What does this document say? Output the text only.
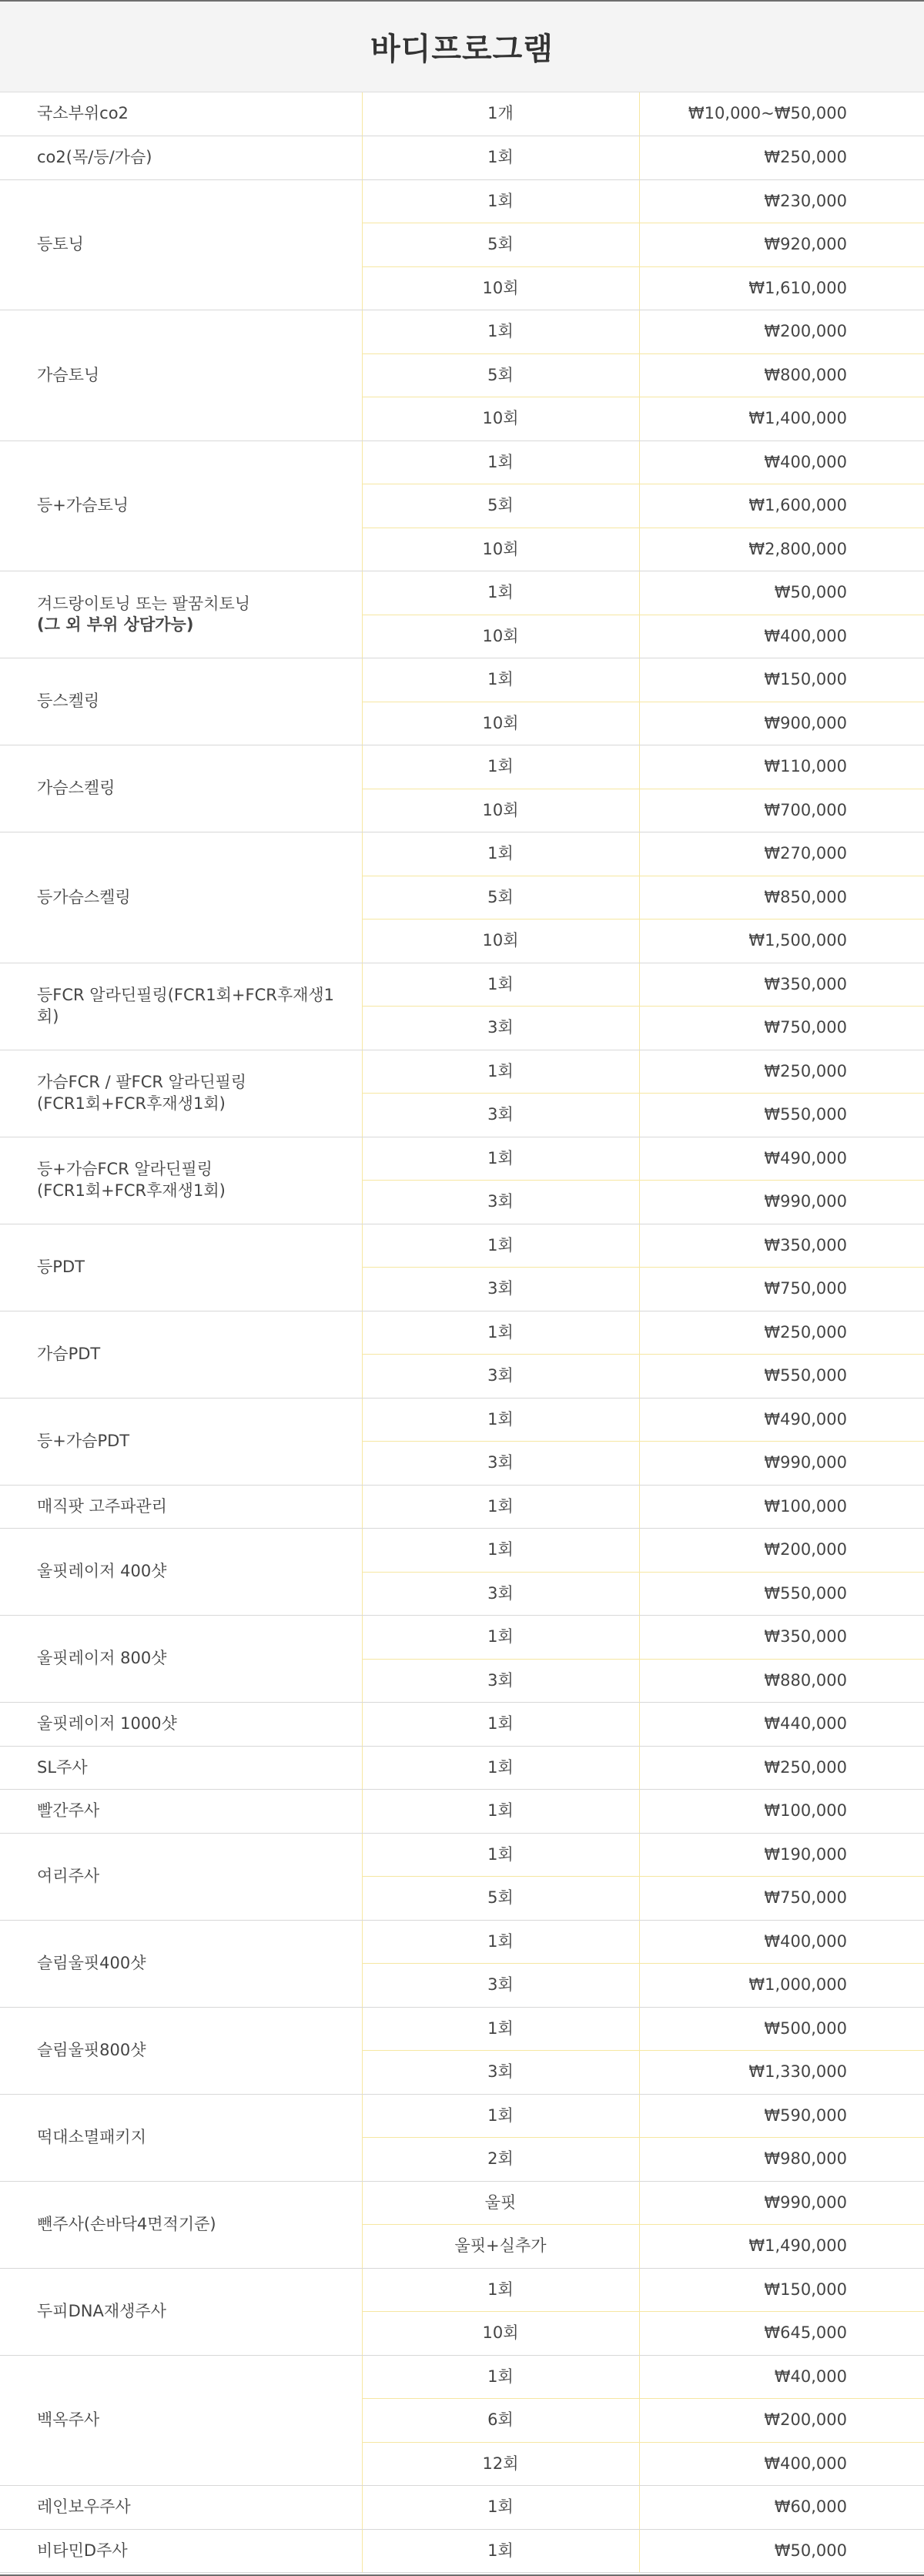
바디프로그램
국소부위co2	1개	₩10,000~₩50,000

co2(목/등/가슴)	1회	₩250,000

등토닝	1회	₩230,000
	5회	₩920,000
	10회	₩1,610,000

가슴토닝	1회	₩200,000
	5회	₩800,000
	10회	₩1,400,000

등+가슴토닝	1회	₩400,000
	5회	₩1,600,000
	10회	₩2,800,000

겨드랑이토닝 또는 팔꿈치토닝
(그 외 부위 상담가능)	1회	₩50,000
	10회	₩400,000

등스켈링	1회	₩150,000
	10회	₩900,000

가슴스켈링	1회	₩110,000
	10회	₩700,000

등가슴스켈링	1회	₩270,000
	5회	₩850,000
	10회	₩1,500,000

등FCR 알라딘필링(FCR1회+FCR후재생1회)	1회	₩350,000
	3회	₩750,000

가슴FCR / 팔FCR 알라딘필링
(FCR1회+FCR후재생1회)	1회	₩250,000
	3회	₩550,000

등+가슴FCR 알라딘필링
(FCR1회+FCR후재생1회)	1회	₩490,000
	3회	₩990,000

등PDT	1회	₩350,000
	3회	₩750,000

가슴PDT	1회	₩250,000
	3회	₩550,000

등+가슴PDT	1회	₩490,000
	3회	₩990,000

매직팟 고주파관리	1회	₩100,000

울핏레이저 400샷	1회	₩200,000
	3회	₩550,000

울핏레이저 800샷	1회	₩350,000
	3회	₩880,000

울핏레이저 1000샷	1회	₩440,000

SL주사	1회	₩250,000

빨간주사	1회	₩100,000

여리주사	1회	₩190,000
	5회	₩750,000

슬림울핏400샷	1회	₩400,000
	3회	₩1,000,000

슬림울핏800샷	1회	₩500,000
	3회	₩1,330,000

떡대소멸패키지	1회	₩590,000
	2회	₩980,000

뺀주사(손바닥4면적기준)	울핏	₩990,000
	울핏+실추가	₩1,490,000

두피DNA재생주사	1회	₩150,000
	10회	₩645,000

백옥주사	1회	₩40,000
	6회	₩200,000
	12회	₩400,000

레인보우주사	1회	₩60,000

비타민D주사	1회	₩50,000
